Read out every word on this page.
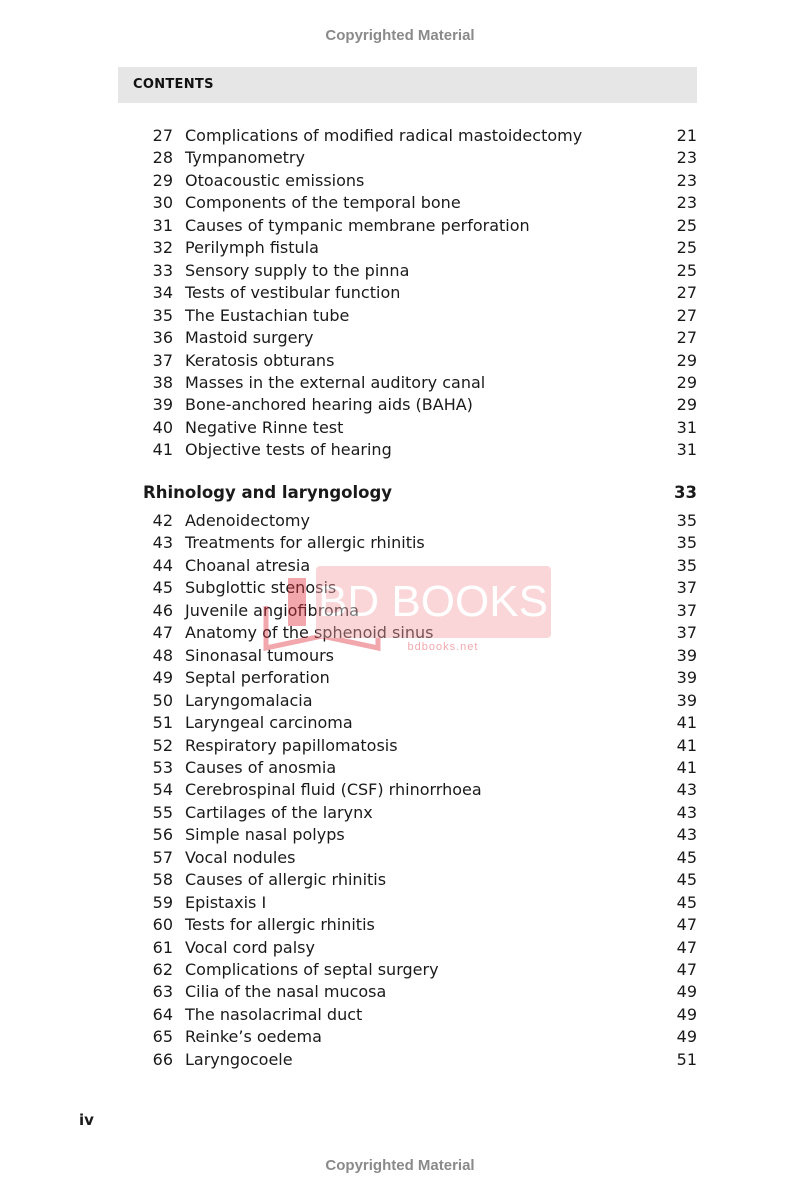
Copyrighted Material
CONTENTS
27 Complications of modified radical mastoidectomy	21
28 Tympanometry	23
29 Otoacoustic emissions	23
30 Components of the temporal bone	23
31 Causes of tympanic membrane perforation	25
32 Perilymph fistula	25
33 Sensory supply to the pinna	25
34 Tests of vestibular function	27
35 The Eustachian tube	27
36 Mastoid surgery	27
37 Keratosis obturans	29
38 Masses in the external auditory canal	29
39 Bone-anchored hearing aids (BAHA)	29
40 Negative Rinne test	31
41 Objective tests of hearing	31
Rhinology and laryngology	33
42 Adenoidectomy	35
43 Treatments for allergic rhinitis	35
44 Choanal atresia	35
45 Subglottic stenosis	37
46 Juvenile angiofibroma	37
47 Anatomy of the sphenoid sinus	37
48 Sinonasal tumours	39
49 Septal perforation	39
50 Laryngomalacia	39
51 Laryngeal carcinoma	41
52 Respiratory papillomatosis	41
53 Causes of anosmia	41
54 Cerebrospinal fluid (CSF) rhinorrhoea	43
55 Cartilages of the larynx	43
56 Simple nasal polyps	43
57 Vocal nodules	45
58 Causes of allergic rhinitis	45
59 Epistaxis I	45
60 Tests for allergic rhinitis	47
61 Vocal cord palsy	47
62 Complications of septal surgery	47
63 Cilia of the nasal mucosa	49
64 The nasolacrimal duct	49
65 Reinke’s oedema	49
66 Laryngocoele	51
iv
Copyrighted Material
BD BOOKS
bdbooks.net
